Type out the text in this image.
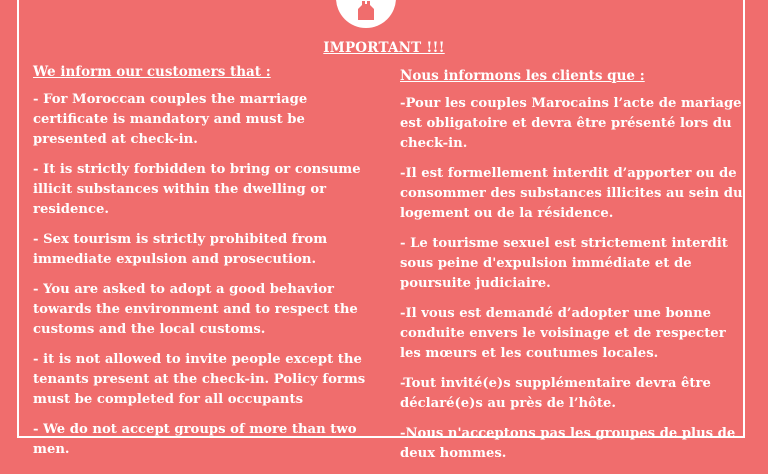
IMPORTANT !!!
We inform our customers that :

- For Moroccan couples the marriage certificate is mandatory and must be presented at check-in.

- It is strictly forbidden to bring or consume illicit substances within the dwelling or residence.

- Sex tourism is strictly prohibited from immediate expulsion and prosecution.

- You are asked to adopt a good behavior towards the environment and to respect the customs and the local customs.

- it is not allowed to invite people except the tenants present at the check-in. Policy forms must be completed for all occupants

- We do not accept groups of more than two men.

Nous informons les clients que :

-Pour les couples Marocains l’acte de mariage est obligatoire et devra être présenté lors du check-in.

-Il est formellement interdit d’apporter ou de consommer des substances illicites au sein du logement ou de la résidence.

- Le tourisme sexuel est strictement interdit sous peine d'expulsion immédiate et de poursuite judiciaire.

-Il vous est demandé d’adopter une bonne conduite envers le voisinage et de respecter les mœurs et les coutumes locales.

-Tout invité(e)s supplémentaire devra être déclaré(e)s au près de l’hôte.

-Nous n'acceptons pas les groupes de plus de deux hommes.
